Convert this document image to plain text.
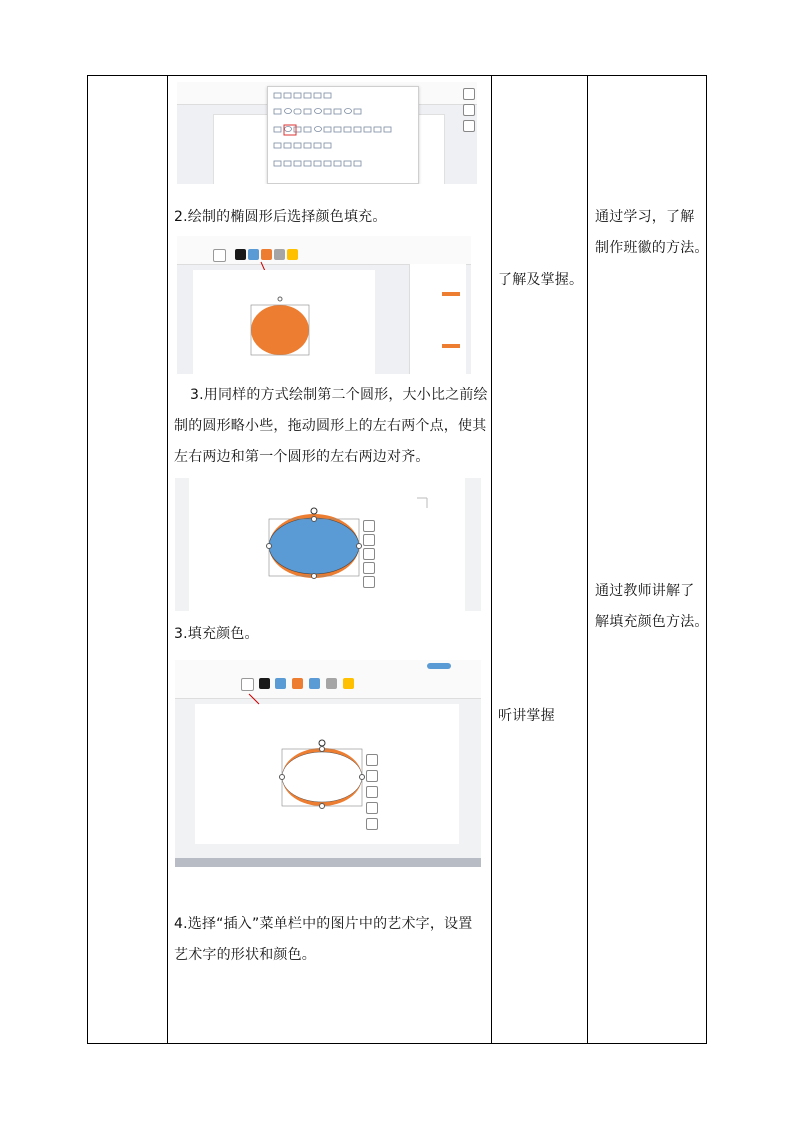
2.绘制的椭圆形后选择颜色填充。
3.用同样的方式绘制第二个圆形，大小比之前绘
制的圆形略小些，拖动圆形上的左右两个点，使其
左右两边和第一个圆形的左右两边对齐。
3.填充颜色。
4.选择“插入”菜单栏中的图片中的艺术字，设置
艺术字的形状和颜色。
了解及掌握。
听讲掌握
通过学习，了解
制作班徽的方法。
通过教师讲解了
解填充颜色方法。
